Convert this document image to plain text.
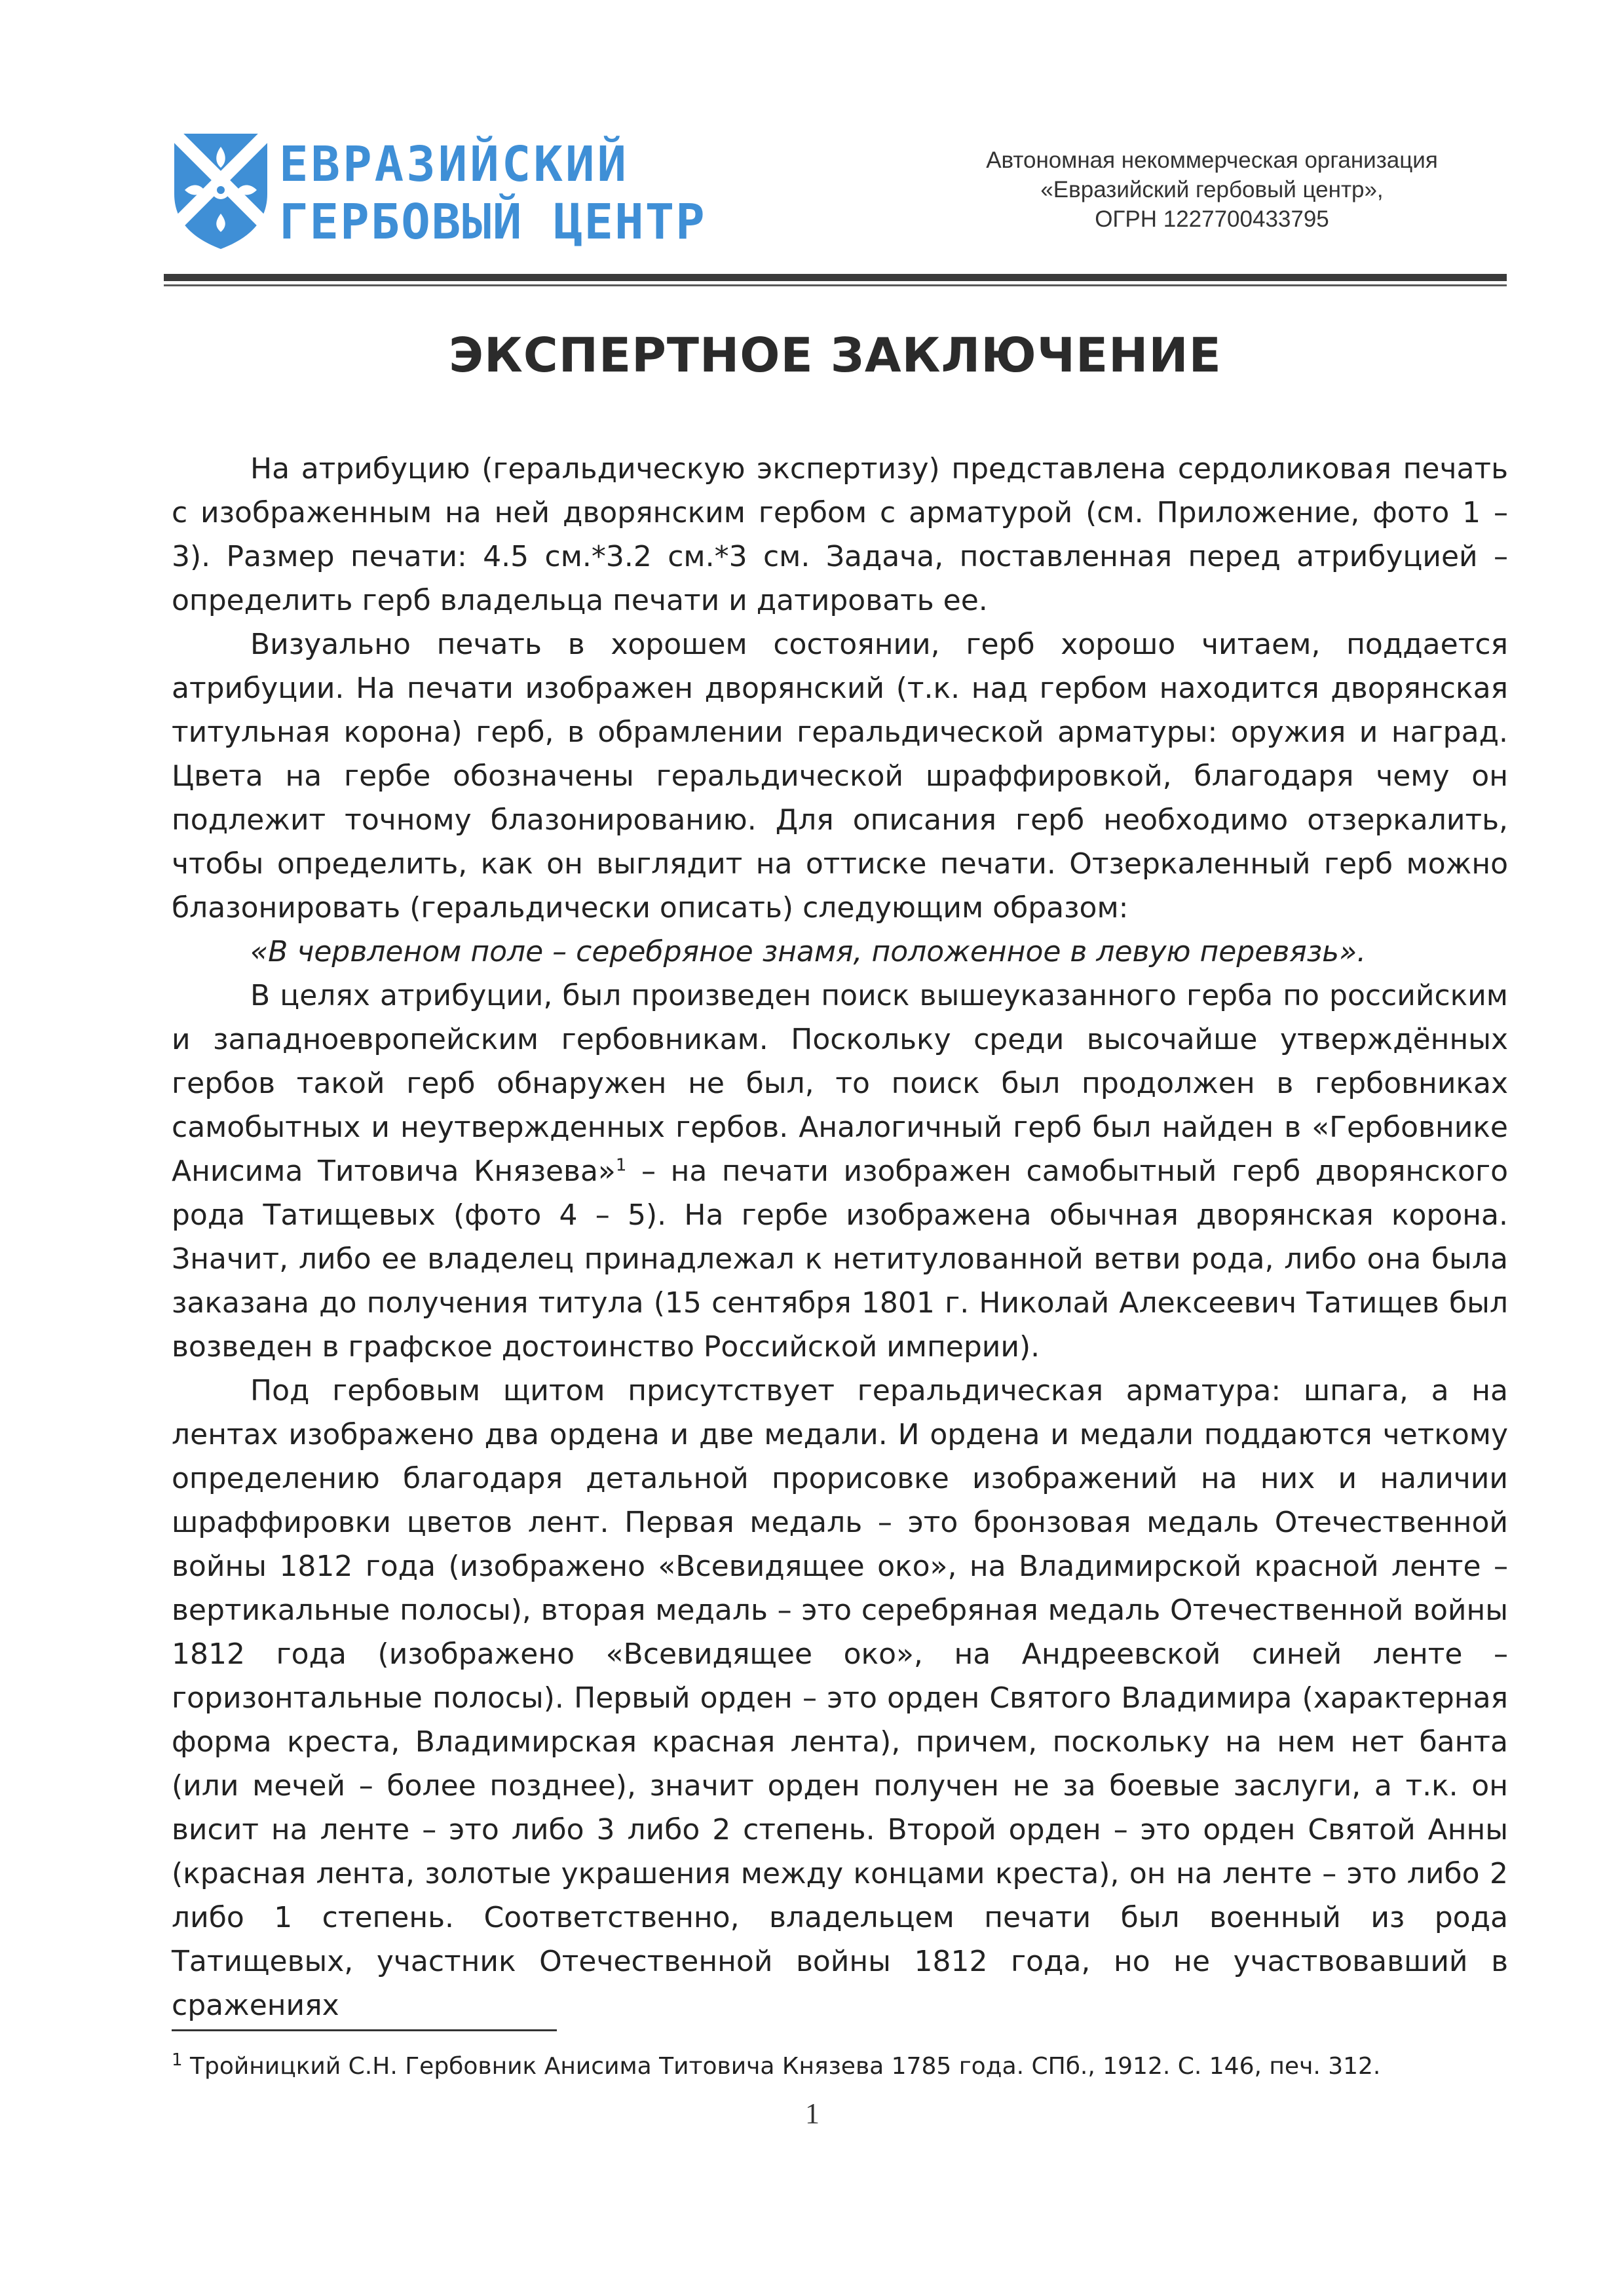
ЕВРАЗИЙСКИЙ
ГЕРБОВЫЙ ЦЕНТР
Автономная некоммерческая организация
«Евразийский гербовый центр»,
ОГРН 1227700433795
ЭКСПЕРТНОЕ ЗАКЛЮЧЕНИЕ

На атрибуцию (геральдическую экспертизу) представлена сердоликовая печать с изображенным на ней дворянским гербом с арматурой (см. Приложение, фото 1 – 3). Размер печати: 4.5 см.*3.2 см.*3 см. Задача, поставленная перед атрибуцией – определить герб владельца печати и датировать ее.

Визуально печать в хорошем состоянии, герб хорошо читаем, поддается атрибуции. На печати изображен дворянский (т.к. над гербом находится дворянская титульная корона) герб, в обрамлении геральдической арматуры: оружия и наград. Цвета на гербе обозначены геральдической шраффировкой, благодаря чему он подлежит точному блазонированию. Для описания герб необходимо отзеркалить, чтобы определить, как он выглядит на оттиске печати. Отзеркаленный герб можно блазонировать (геральдически описать) следующим образом:

«В червленом поле – серебряное знамя, положенное в левую перевязь».

В целях атрибуции, был произведен поиск вышеуказанного герба по российским и западноевропейским гербовникам. Поскольку среди высочайше утверждённых гербов такой герб обнаружен не был, то поиск был продолжен в гербовниках самобытных и неутвержденных гербов. Аналогичный герб был найден в «Гербовнике Анисима Титовича Князева»$^1$ – на печати изображен самобытный герб дворянского рода Татищевых (фото 4 – 5). На гербе изображена обычная дворянская корона. Значит, либо ее владелец принадлежал к нетитулованной ветви рода, либо она была заказана до получения титула (15 сентября 1801 г. Николай Алексеевич Татищев был возведен в графское достоинство Российской империи).

Под гербовым щитом присутствует геральдическая арматура: шпага, а на лентах изображено два ордена и две медали. И ордена и медали поддаются четкому определению благодаря детальной прорисовке изображений на них и наличии шраффировки цветов лент. Первая медаль – это бронзовая медаль Отечественной войны 1812 года (изображено «Всевидящее око», на Владимирской красной ленте – вертикальные полосы), вторая медаль – это серебряная медаль Отечественной войны 1812 года (изображено «Всевидящее око», на Андреевской синей ленте – горизонтальные полосы). Первый орден – это орден Святого Владимира (характерная форма креста, Владимирская красная лента), причем, поскольку на нем нет банта (или мечей – более позднее), значит орден получен не за боевые заслуги, а т.к. он висит на ленте – это либо 3 либо 2 степень. Второй орден – это орден Святой Анны (красная лента, золотые украшения между концами креста), он на ленте – это либо 2 либо 1 степень. Соответственно, владельцем печати был военный из рода Татищевых, участник Отечественной войны 1812 года, но не участвовавший в сражениях

$^1$ Тройницкий С.Н. Гербовник Анисима Титовича Князева 1785 года. СПб., 1912. С. 146, печ. 312.
1
